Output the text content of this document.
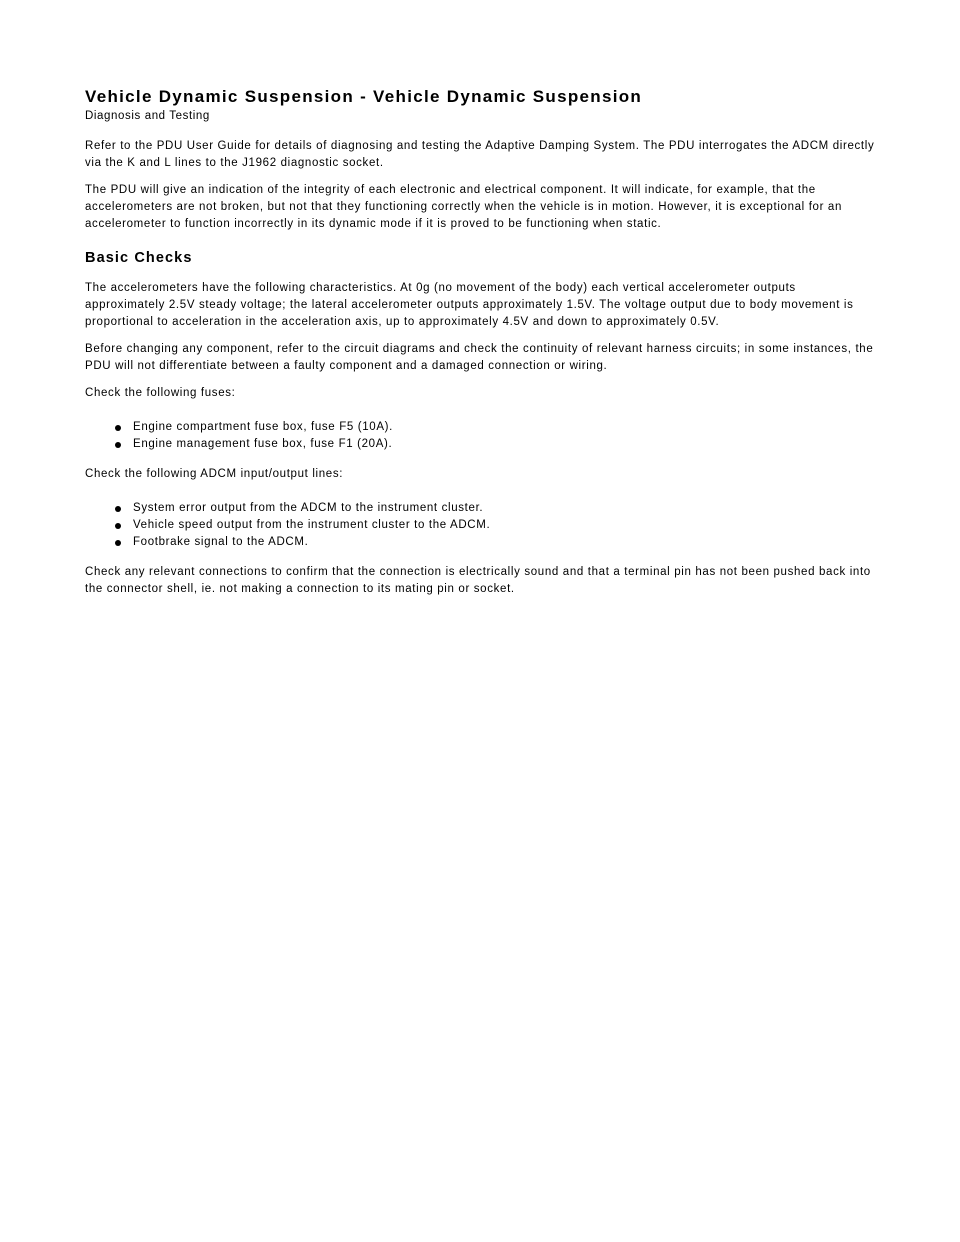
Vehicle Dynamic Suspension - Vehicle Dynamic Suspension
Diagnosis and Testing

Refer to the PDU User Guide for details of diagnosing and testing the Adaptive Damping System. The PDU interrogates the ADCM directly via the K and L lines to the J1962 diagnostic socket.

The PDU will give an indication of the integrity of each electronic and electrical component. It will indicate, for example, that the accelerometers are not broken, but not that they functioning correctly when the vehicle is in motion. However, it is exceptional for an accelerometer to function incorrectly in its dynamic mode if it is proved to be functioning when static.

Basic Checks

The accelerometers have the following characteristics. At 0g (no movement of the body) each vertical accelerometer outputs approximately 2.5V steady voltage; the lateral accelerometer outputs approximately 1.5V. The voltage output due to body movement is proportional to acceleration in the acceleration axis, up to approximately 4.5V and down to approximately 0.5V.

Before changing any component, refer to the circuit diagrams and check the continuity of relevant harness circuits; in some instances, the PDU will not differentiate between a faulty component and a damaged connection or wiring.

Check the following fuses:

Engine compartment fuse box, fuse F5 (10A).
Engine management fuse box, fuse F1 (20A).

Check the following ADCM input/output lines:

System error output from the ADCM to the instrument cluster.
Vehicle speed output from the instrument cluster to the ADCM.
Footbrake signal to the ADCM.

Check any relevant connections to confirm that the connection is electrically sound and that a terminal pin has not been pushed back into the connector shell, ie. not making a connection to its mating pin or socket.
